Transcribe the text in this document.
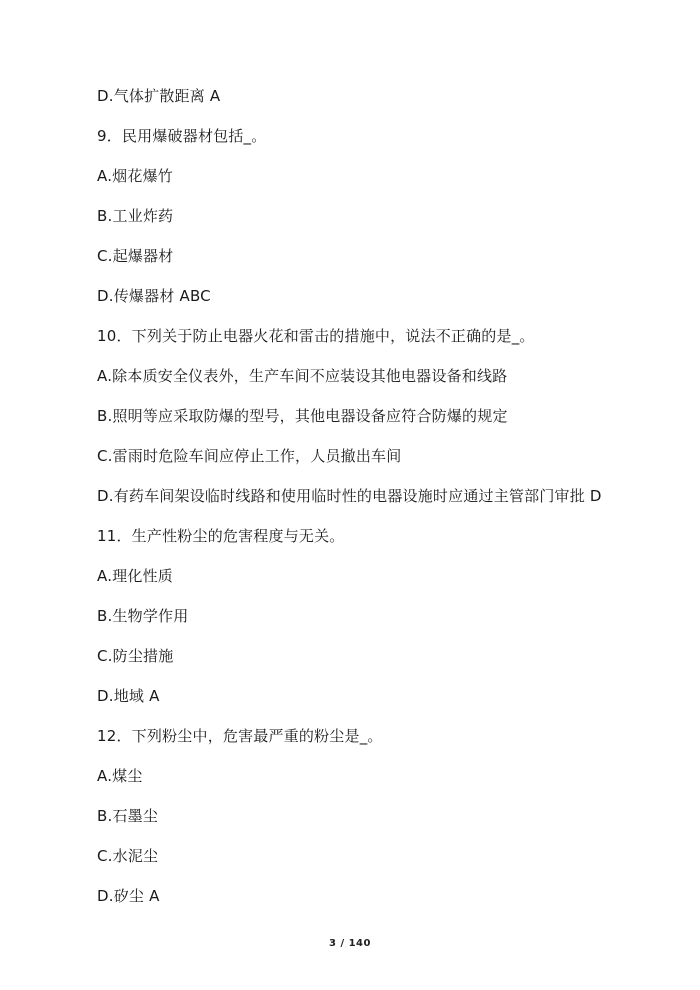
D.气体扩散距离 A
9．民用爆破器材包括_。
A.烟花爆竹
B.工业炸药
C.起爆器材
D.传爆器材 ABC
10．下列关于防止电器火花和雷击的措施中，说法不正确的是_。
A.除本质安全仪表外，生产车间不应装设其他电器设备和线路
B.照明等应采取防爆的型号，其他电器设备应符合防爆的规定
C.雷雨时危险车间应停止工作，人员撤出车间
D.有药车间架设临时线路和使用临时性的电器设施时应通过主管部门审批 D
11．生产性粉尘的危害程度与无关。
A.理化性质
B.生物学作用
C.防尘措施
D.地域 A
12．下列粉尘中，危害最严重的粉尘是_。
A.煤尘
B.石墨尘
C.水泥尘
D.矽尘 A
3 / 140
